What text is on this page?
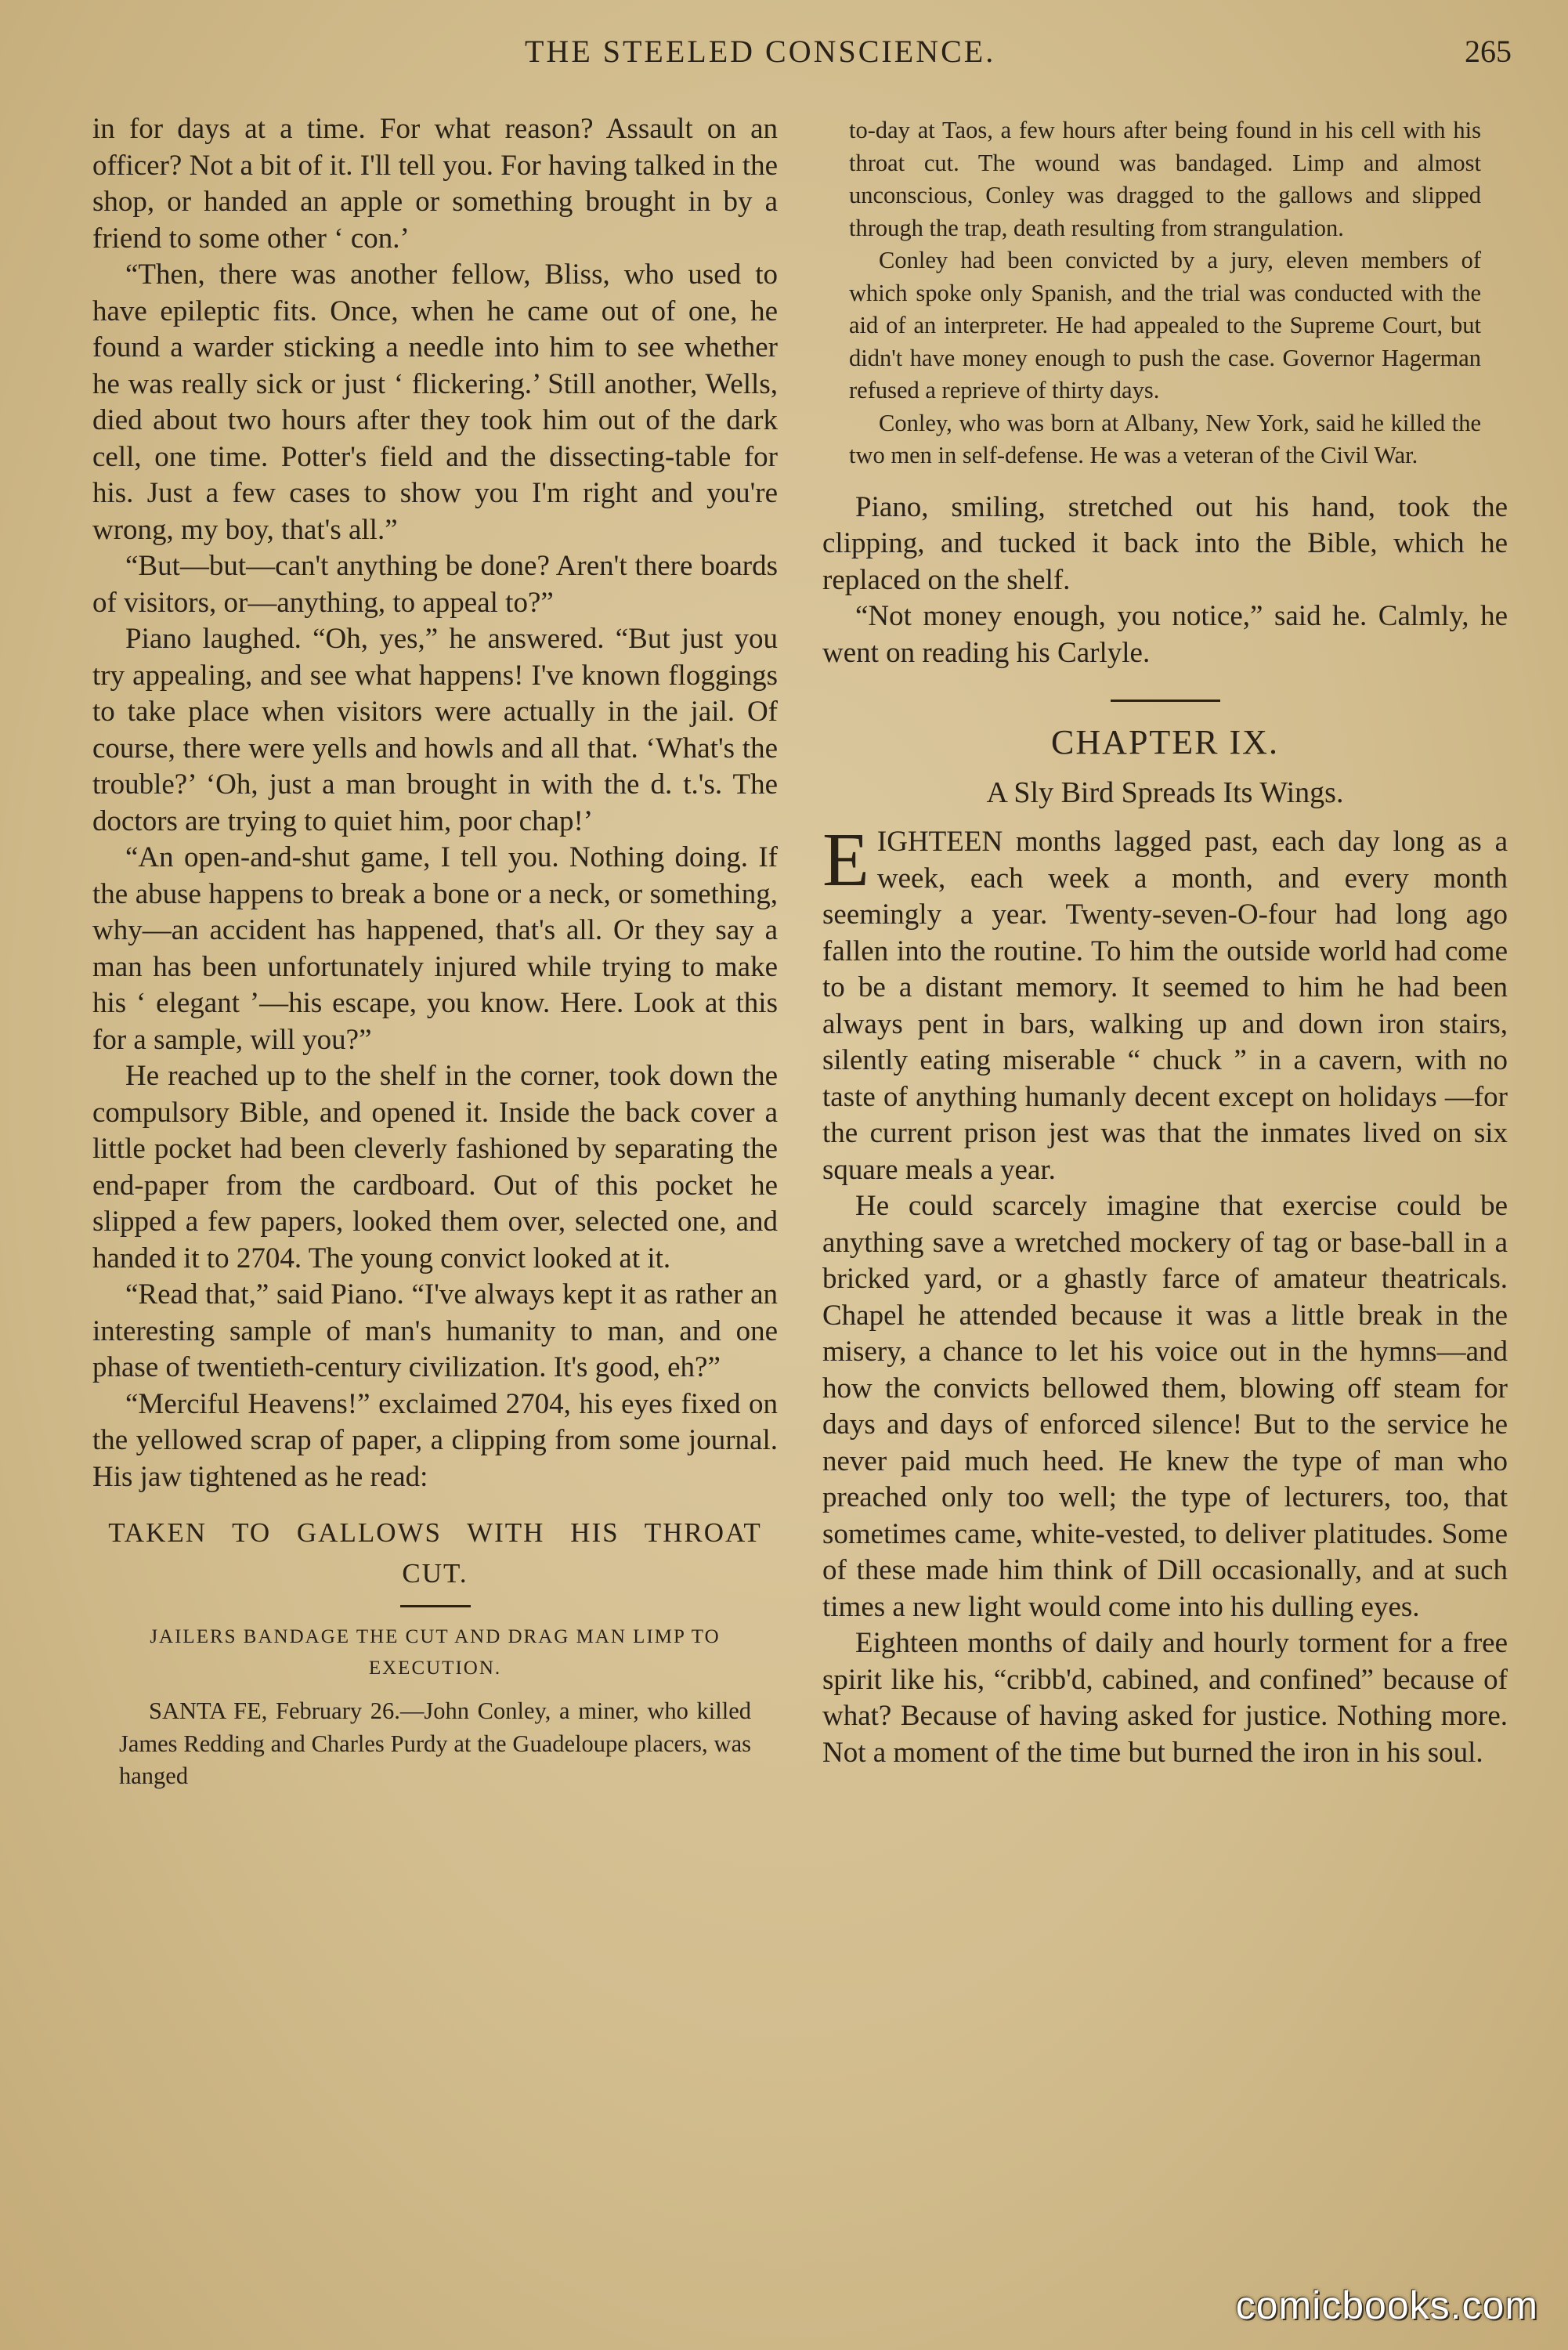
THE STEELED CONSCIENCE.	265

in for days at a time. For what reason? Assault on an officer? Not a bit of it. I'll tell you. For having talked in the shop, or handed an apple or something brought in by a friend to some other ‘ con.’

“Then, there was another fellow, Bliss, who used to have epileptic fits. Once, when he came out of one, he found a warder sticking a needle into him to see whether he was really sick or just ‘ flickering.’ Still another, Wells, died about two hours after they took him out of the dark cell, one time. Potter's field and the dissecting-table for his. Just a few cases to show you I'm right and you're wrong, my boy, that's all.”

“But—but—can't anything be done? Aren't there boards of visitors, or—anything, to appeal to?”

Piano laughed. “Oh, yes,” he answered. “But just you try appealing, and see what happens! I've known floggings to take place when visitors were actually in the jail. Of course, there were yells and howls and all that. ‘What's the trouble?’ ‘Oh, just a man brought in with the d. t.'s. The doctors are trying to quiet him, poor chap!’

“An open-and-shut game, I tell you. Nothing doing. If the abuse happens to break a bone or a neck, or something, why—an accident has happened, that's all. Or they say a man has been unfortunately injured while trying to make his ‘ elegant ’—his escape, you know. Here. Look at this for a sample, will you?”

He reached up to the shelf in the corner, took down the compulsory Bible, and opened it. Inside the back cover a little pocket had been cleverly fashioned by separating the end-paper from the cardboard. Out of this pocket he slipped a few papers, looked them over, selected one, and handed it to 2704. The young convict looked at it.

“Read that,” said Piano. “I've always kept it as rather an interesting sample of man's humanity to man, and one phase of twentieth-century civilization. It's good, eh?”

“Merciful Heavens!” exclaimed 2704, his eyes fixed on the yellowed scrap of paper, a clipping from some journal. His jaw tightened as he read:

TAKEN TO GALLOWS WITH HIS THROAT CUT.
JAILERS BANDAGE THE CUT AND DRAG MAN LIMP TO EXECUTION.

SANTA FE, February 26.—John Conley, a miner, who killed James Redding and Charles Purdy at the Guadeloupe placers, was hanged

to-day at Taos, a few hours after being found in his cell with his throat cut. The wound was bandaged. Limp and almost unconscious, Conley was dragged to the gallows and slipped through the trap, death resulting from strangulation.

Conley had been convicted by a jury, eleven members of which spoke only Spanish, and the trial was conducted with the aid of an interpreter. He had appealed to the Supreme Court, but didn't have money enough to push the case. Governor Hagerman refused a reprieve of thirty days.

Conley, who was born at Albany, New York, said he killed the two men in self-defense. He was a veteran of the Civil War.

Piano, smiling, stretched out his hand, took the clipping, and tucked it back into the Bible, which he replaced on the shelf.

“Not money enough, you notice,” said he. Calmly, he went on reading his Carlyle.

CHAPTER IX.
A Sly Bird Spreads Its Wings.

EIGHTEEN months lagged past, each day long as a week, each week a month, and every month seemingly a year. Twenty-seven-O-four had long ago fallen into the routine. To him the outside world had come to be a distant memory. It seemed to him he had been always pent in bars, walking up and down iron stairs, silently eating miserable “ chuck ” in a cavern, with no taste of anything humanly decent except on holidays —for the current prison jest was that the inmates lived on six square meals a year.

He could scarcely imagine that exercise could be anything save a wretched mockery of tag or base-ball in a bricked yard, or a ghastly farce of amateur theatricals. Chapel he attended because it was a little break in the misery, a chance to let his voice out in the hymns—and how the convicts bellowed them, blowing off steam for days and days of enforced silence! But to the service he never paid much heed. He knew the type of man who preached only too well; the type of lecturers, too, that sometimes came, white-vested, to deliver platitudes. Some of these made him think of Dill occasionally, and at such times a new light would come into his dulling eyes.

Eighteen months of daily and hourly torment for a free spirit like his, “cribb'd, cabined, and confined” because of what? Because of having asked for justice. Nothing more. Not a moment of the time but burned the iron in his soul.

comicbooks.com
